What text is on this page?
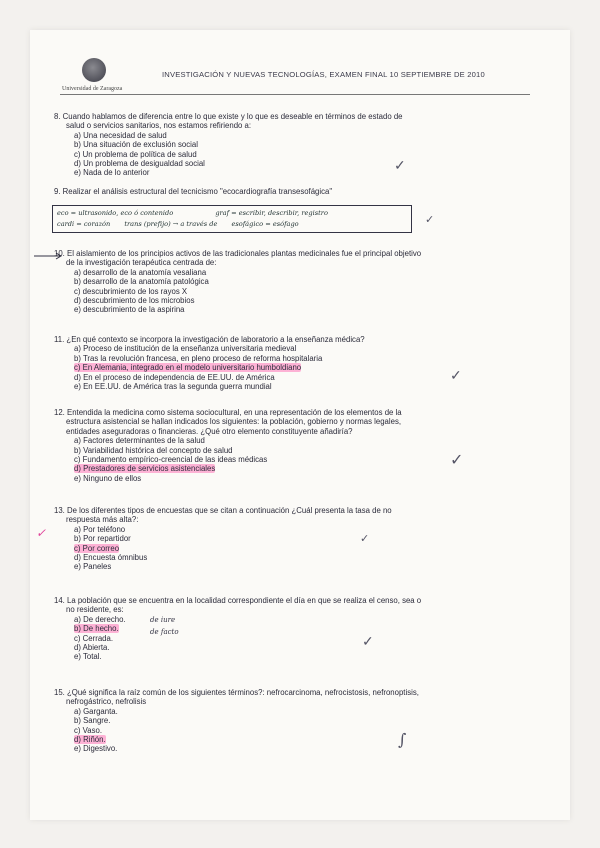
Universidad de Zaragoza
INVESTIGACIÓN Y NUEVAS TECNOLOGÍAS, EXAMEN FINAL 10 SEPTIEMBRE DE 2010

8. Cuando hablamos de diferencia entre lo que existe y lo que es deseable en términos de estado de

salud o servicios sanitarios, nos estamos refiriendo a:

a) Una necesidad de salud
b) Una situación de exclusión social
c) Un problema de política de salud
d) Un problema de desigualdad social
e) Nada de lo anterior	✓

9. Realizar el análisis estructural del tecnicismo "ecocardiografía transesofágica"

eco = ultrasonido, eco ó contenido	graf = escribir, describir, registro
cardi = corazón trans (prefijo) → a través de esofágico = esófago	✓

10. El aislamiento de los principios activos de las tradicionales plantas medicinales fue el principal objetivo

de la investigación terapéutica centrada de:

a) desarrollo de la anatomía vesaliana
b) desarrollo de la anatomía patológica
c) descubrimiento de los rayos X
d) descubrimiento de los microbios
e) descubrimiento de la aspirina

11. ¿En qué contexto se incorpora la investigación de laboratorio a la enseñanza médica?

a) Proceso de institución de la enseñanza universitaria medieval
b) Tras la revolución francesa, en pleno proceso de reforma hospitalaria
c) En Alemania, integrado en el modelo universitario humboldiano
d) En el proceso de independencia de EE.UU. de América
e) En EE.UU. de América tras la segunda guerra mundial
✓

12. Entendida la medicina como sistema sociocultural, en una representación de los elementos de la

estructura asistencial se hallan indicados los siguientes: la población, gobierno y normas legales,

entidades aseguradoras o financieras. ¿Qué otro elemento constituyente añadiría?

a) Factores determinantes de la salud
b) Variabilidad histórica del concepto de salud
c) Fundamento empírico-creencial de las ideas médicas
d) Prestadores de servicios asistenciales
e) Ninguno de ellos
✓

13. De los diferentes tipos de encuestas que se citan a continuación ¿Cuál presenta la tasa de no

respuesta más alta?:

a) Por teléfono
b) Por repartidor
c) Por correo
d) Encuesta ómnibus
e) Paneles
✓	✓

14. La población que se encuentra en la localidad correspondiente el día en que se realiza el censo, sea o

no residente, es:

a) De derecho.
b) De hecho.
c) Cerrada.
d) Abierta.
e) Total.
de iure
de facto
✓

15. ¿Qué significa la raíz común de los siguientes términos?: nefrocarcinoma, nefrocistosis, nefronoptisis,

nefrogástrico, nefrolisis

a) Garganta.
b) Sangre.
c) Vaso.
d) Riñón.
e) Digestivo.	∫
